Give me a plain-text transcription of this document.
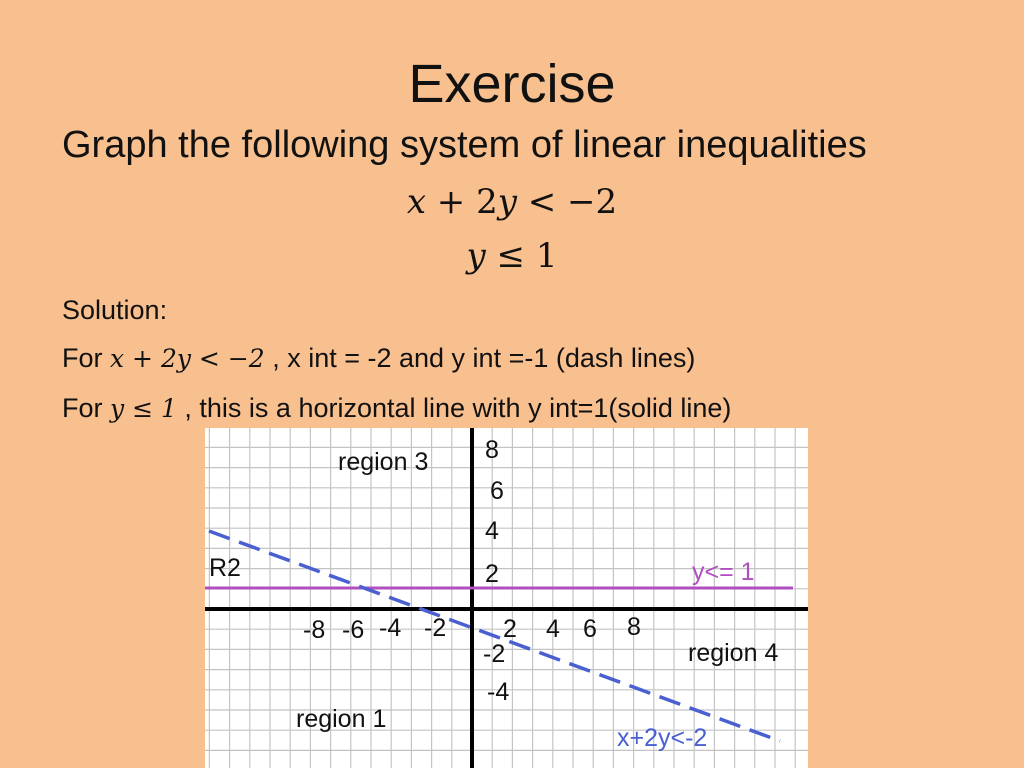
Exercise
Graph the following system of linear inequalities
𝑥 + 2𝑦 < −2
𝑦 ≤ 1
Solution:
For 𝑥 + 2𝑦 < −2 , x int = -2 and y int =-1 (dash lines)
For 𝑦 ≤ 1 , this is a horizontal line with y int=1(solid line)
region 3
R2
region 4
region 1
-8 -6 -4 -2 2 4 6 8
8
6
4
2
-2
-4
y<= 1
x+2y<-2
